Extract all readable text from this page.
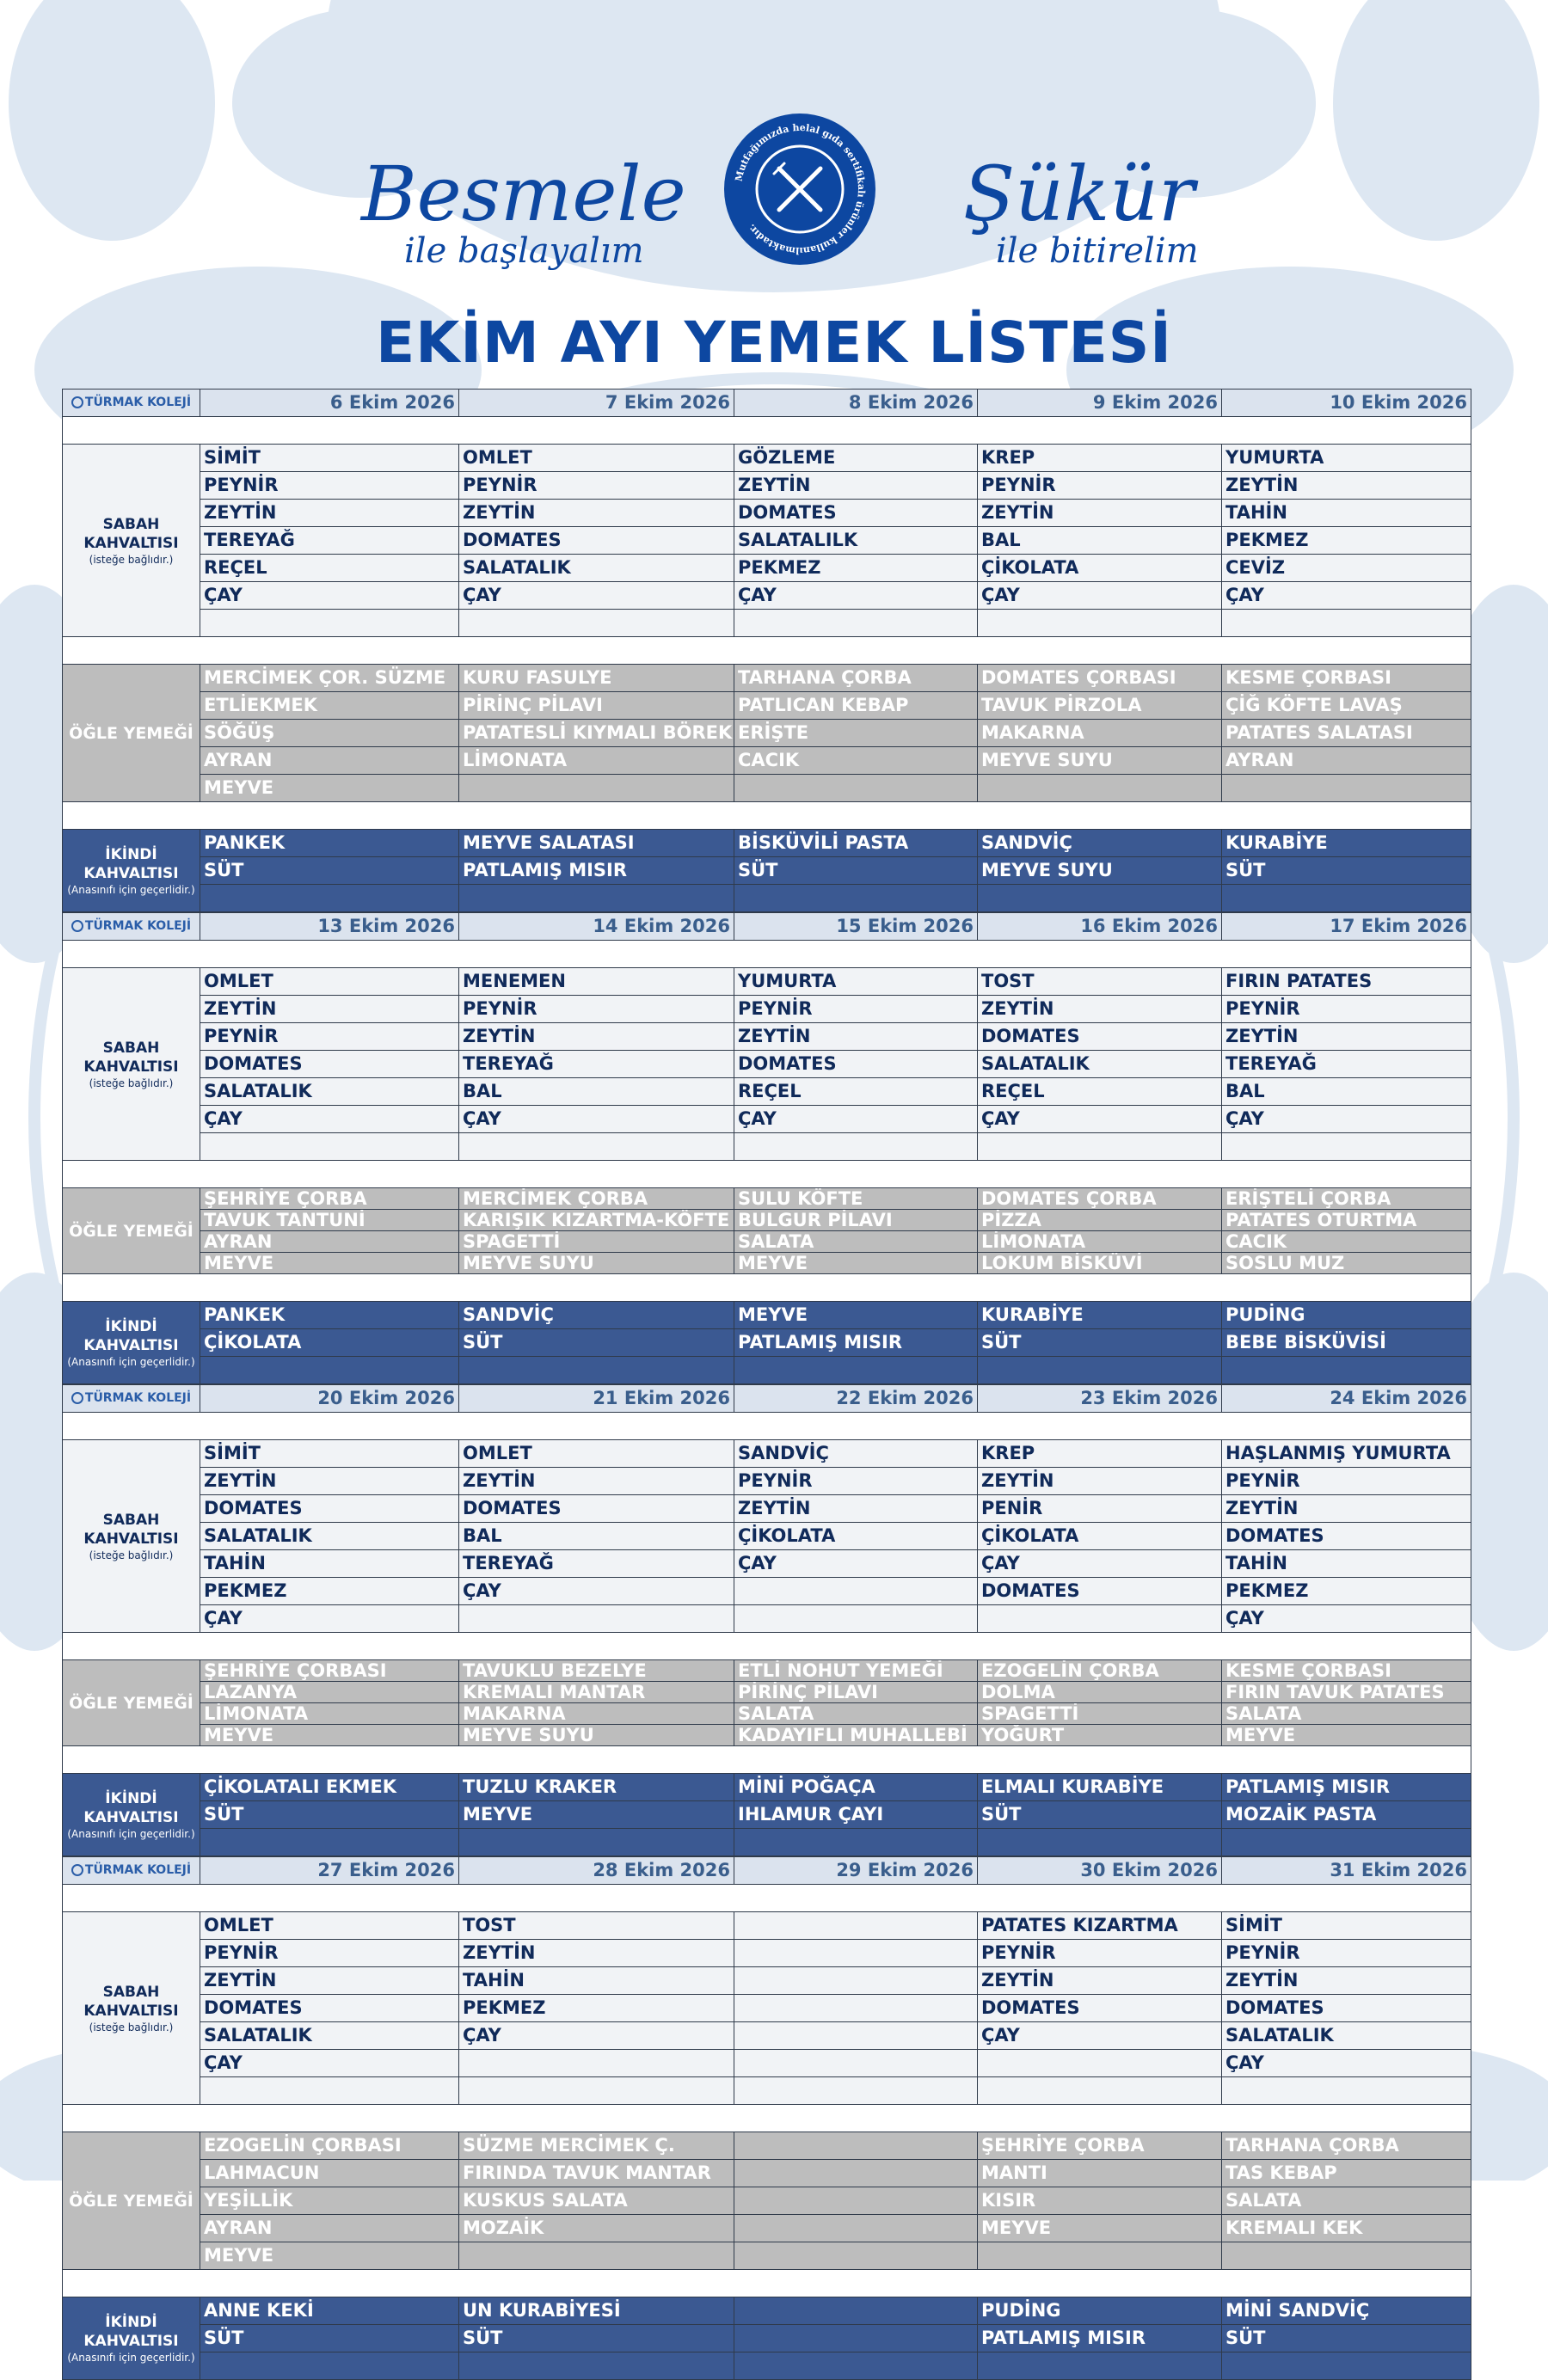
Besmele
ile başlayalım
Şükür
ile bitirelim
Mutfağımızda helal gıda sertifikalı ürünler kullanılmaktadır.
EKİM AYI YEMEK LİSTESİ
TÜRMAK KOLEJİ	6 Ekim 2026	7 Ekim 2026	8 Ekim 2026	9 Ekim 2026	10 Ekim 2026

SABAH KAHVALTISI
(isteğe bağlıdır.)	SİMİT	OMLET	GÖZLEME	KREP	YUMURTA
	PEYNİR	PEYNİR	ZEYTİN	PEYNİR	ZEYTİN
	ZEYTİN	ZEYTİN	DOMATES	ZEYTİN	TAHİN
	TEREYAĞ	DOMATES	SALATALILK	BAL	PEKMEZ
	REÇEL	SALATALIK	PEKMEZ	ÇİKOLATA	CEVİZ
	ÇAY	ÇAY	ÇAY	ÇAY	ÇAY

ÖĞLE YEMEĞİ	MERCİMEK ÇOR. SÜZME	KURU FASULYE	TARHANA ÇORBA	DOMATES ÇORBASI	KESME ÇORBASI
	ETLİEKMEK	PİRİNÇ PİLAVI	PATLICAN KEBAP	TAVUK PİRZOLA	ÇİĞ KÖFTE LAVAŞ
	SÖĞÜŞ	PATATESLİ KIYMALI BÖREK	ERİŞTE	MAKARNA	PATATES SALATASI
	AYRAN	LİMONATA	CACIK	MEYVE SUYU	AYRAN
	MEYVE				

İKİNDİ KAHVALTISI
(Anasınıfı için geçerlidir.)	PANKEK	MEYVE SALATASI	BİSKÜVİLİ PASTA	SANDVİÇ	KURABİYE
	SÜT	PATLAMIŞ MISIR	SÜT	MEYVE SUYU	SÜT

TÜRMAK KOLEJİ	13 Ekim 2026	14 Ekim 2026	15 Ekim 2026	16 Ekim 2026	17 Ekim 2026

SABAH KAHVALTISI
(isteğe bağlıdır.)	OMLET	MENEMEN	YUMURTA	TOST	FIRIN PATATES
	ZEYTİN	PEYNİR	PEYNİR	ZEYTİN	PEYNİR
	PEYNİR	ZEYTİN	ZEYTİN	DOMATES	ZEYTİN
	DOMATES	TEREYAĞ	DOMATES	SALATALIK	TEREYAĞ
	SALATALIK	BAL	REÇEL	REÇEL	BAL
	ÇAY	ÇAY	ÇAY	ÇAY	ÇAY

ÖĞLE YEMEĞİ	ŞEHRİYE ÇORBA	MERCİMEK ÇORBA	SULU KÖFTE	DOMATES ÇORBA	ERİŞTELİ ÇORBA
	TAVUK TANTUNİ	KARIŞIK KIZARTMA-KÖFTE	BULGUR PİLAVI	PİZZA	PATATES OTURTMA
	AYRAN	SPAGETTİ	SALATA	LİMONATA	CACIK
	MEYVE	MEYVE SUYU	MEYVE	LOKUM BİSKÜVİ	SOSLU MUZ

İKİNDİ KAHVALTISI
(Anasınıfı için geçerlidir.)	PANKEK	SANDVİÇ	MEYVE	KURABİYE	PUDİNG
	ÇİKOLATA	SÜT	PATLAMIŞ MISIR	SÜT	BEBE BİSKÜVİSİ

TÜRMAK KOLEJİ	20 Ekim 2026	21 Ekim 2026	22 Ekim 2026	23 Ekim 2026	24 Ekim 2026

SABAH KAHVALTISI
(isteğe bağlıdır.)	SİMİT	OMLET	SANDVİÇ	KREP	HAŞLANMIŞ YUMURTA
	ZEYTİN	ZEYTİN	PEYNİR	ZEYTİN	PEYNİR
	DOMATES	DOMATES	ZEYTİN	PENİR	ZEYTİN
	SALATALIK	BAL	ÇİKOLATA	ÇİKOLATA	DOMATES
	TAHİN	TEREYAĞ	ÇAY	ÇAY	TAHİN
	PEKMEZ	ÇAY		DOMATES	PEKMEZ
	ÇAY				ÇAY

ÖĞLE YEMEĞİ	ŞEHRİYE ÇORBASI	TAVUKLU BEZELYE	ETLİ NOHUT YEMEĞİ	EZOGELİN ÇORBA	KESME ÇORBASI
	LAZANYA	KREMALI MANTAR	PİRİNÇ PİLAVI	DOLMA	FIRIN TAVUK PATATES
	LİMONATA	MAKARNA	SALATA	SPAGETTİ	SALATA
	MEYVE	MEYVE SUYU	KADAYIFLI MUHALLEBİ	YOĞURT	MEYVE

İKİNDİ KAHVALTISI
(Anasınıfı için geçerlidir.)	ÇİKOLATALI EKMEK	TUZLU KRAKER	MİNİ POĞAÇA	ELMALI KURABİYE	PATLAMIŞ MISIR
	SÜT	MEYVE	IHLAMUR ÇAYI	SÜT	MOZAİK PASTA

TÜRMAK KOLEJİ	27 Ekim 2026	28 Ekim 2026	29 Ekim 2026	30 Ekim 2026	31 Ekim 2026

SABAH KAHVALTISI
(isteğe bağlıdır.)	OMLET	TOST		PATATES KIZARTMA	SİMİT
	PEYNİR	ZEYTİN		PEYNİR	PEYNİR
	ZEYTİN	TAHİN		ZEYTİN	ZEYTİN
	DOMATES	PEKMEZ		DOMATES	DOMATES
	SALATALIK	ÇAY		ÇAY	SALATALIK
	ÇAY				ÇAY

ÖĞLE YEMEĞİ	EZOGELİN ÇORBASI	SÜZME MERCİMEK Ç.		ŞEHRİYE ÇORBA	TARHANA ÇORBA
	LAHMACUN	FIRINDA TAVUK MANTAR		MANTI	TAS KEBAP
	YEŞİLLİK	KUSKUS SALATA		KISIR	SALATA
	AYRAN	MOZAİK		MEYVE	KREMALI KEK
	MEYVE				

İKİNDİ KAHVALTISI
(Anasınıfı için geçerlidir.)	ANNE KEKİ	UN KURABİYESİ		PUDİNG	MİNİ SANDVİÇ
	SÜT	SÜT		PATLAMIŞ MISIR	SÜT
